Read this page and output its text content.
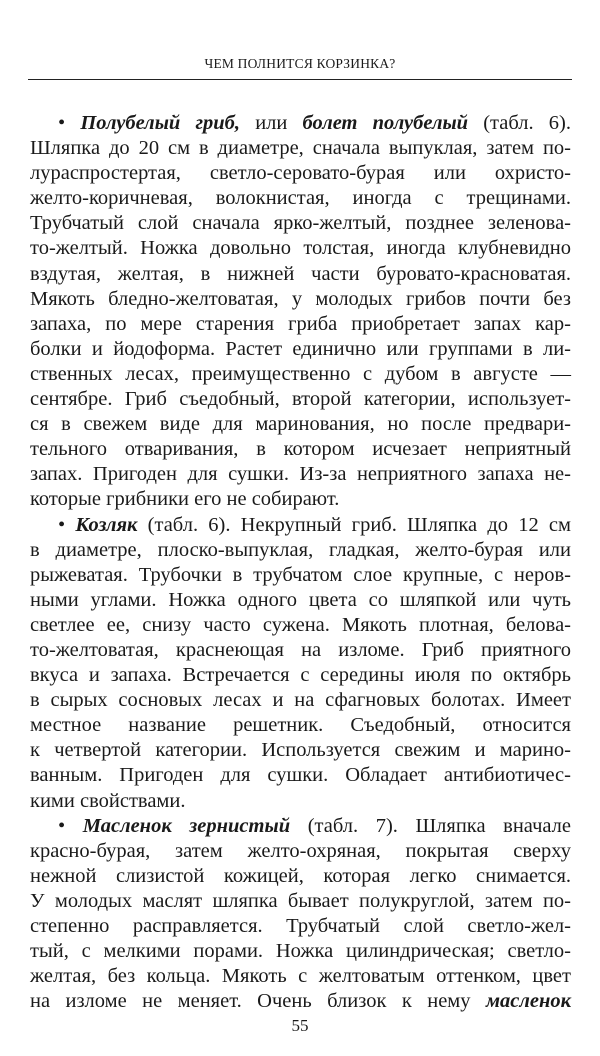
ЧЕМ ПОЛНИТСЯ КОРЗИНКА?
• Полубелый гриб, или болет полубелый (табл. 6).
Шляпка до 20 см в диаметре, сначала выпуклая, затем по-
лураспростертая, светло-серовато-бурая или охристо-
желто-коричневая, волокнистая, иногда с трещинами.
Трубчатый слой сначала ярко-желтый, позднее зеленова-
то-желтый. Ножка довольно толстая, иногда клубневидно
вздутая, желтая, в нижней части буровато-красноватая.
Мякоть бледно-желтоватая, у молодых грибов почти без
запаха, по мере старения гриба приобретает запах кар-
болки и йодоформа. Растет единично или группами в ли-
ственных лесах, преимущественно с дубом в августе —
сентябре. Гриб съедобный, второй категории, использует-
ся в свежем виде для маринования, но после предвари-
тельного отваривания, в котором исчезает неприятный
запах. Пригоден для сушки. Из-за неприятного запаха не-
которые грибники его не собирают.
• Козляк (табл. 6). Некрупный гриб. Шляпка до 12 см
в диаметре, плоско-выпуклая, гладкая, желто-бурая или
рыжеватая. Трубочки в трубчатом слое крупные, с неров-
ными углами. Ножка одного цвета со шляпкой или чуть
светлее ее, снизу часто сужена. Мякоть плотная, белова-
то-желтоватая, краснеющая на изломе. Гриб приятного
вкуса и запаха. Встречается с середины июля по октябрь
в сырых сосновых лесах и на сфагновых болотах. Имеет
местное название решетник. Съедобный, относится
к четвертой категории. Используется свежим и марино-
ванным. Пригоден для сушки. Обладает антибиотичес-
кими свойствами.
• Масленок зернистый (табл. 7). Шляпка вначале
красно-бурая, затем желто-охряная, покрытая сверху
нежной слизистой кожицей, которая легко снимается.
У молодых маслят шляпка бывает полукруглой, затем по-
степенно расправляется. Трубчатый слой светло-жел-
тый, с мелкими порами. Ножка цилиндрическая; светло-
желтая, без кольца. Мякоть с желтоватым оттенком, цвет
на изломе не меняет. Очень близок к нему масленок
55
